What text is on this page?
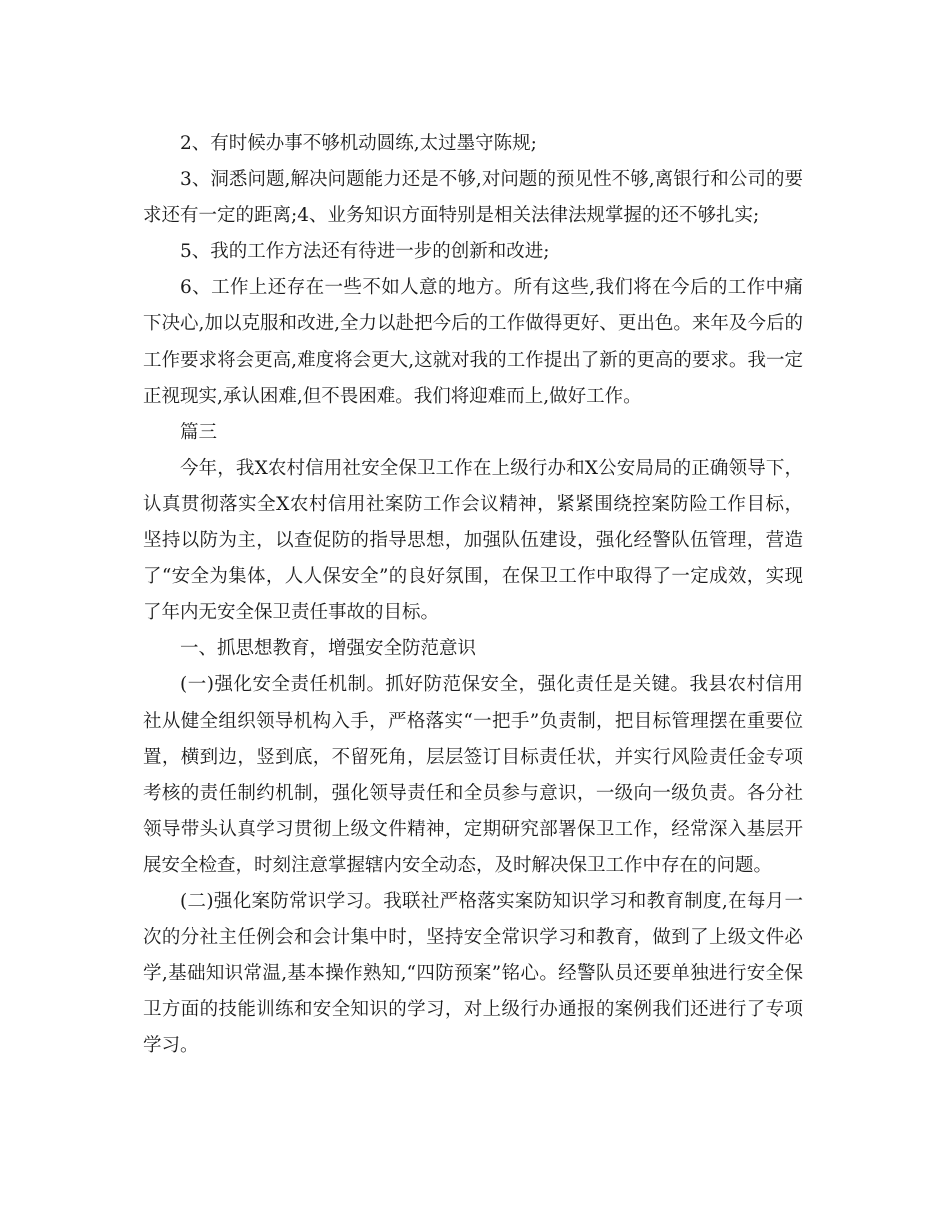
2、有时候办事不够机动圆练,太过墨守陈规;

3、洞悉问题,解决问题能力还是不够,对问题的预见性不够,离银行和公司的要求还有一定的距离;4、业务知识方面特别是相关法律法规掌握的还不够扎实;

5、我的工作方法还有待进一步的创新和改进;

6、工作上还存在一些不如人意的地方。所有这些,我们将在今后的工作中痛下决心,加以克服和改进,全力以赴把今后的工作做得更好、更出色。来年及今后的工作要求将会更高,难度将会更大,这就对我的工作提出了新的更高的要求。我一定正视现实,承认困难,但不畏困难。我们将迎难而上,做好工作。

篇三

今年，我X农村信用社安全保卫工作在上级行办和X公安局局的正确领导下，认真贯彻落实全X农村信用社案防工作会议精神，紧紧围绕控案防险工作目标，坚持以防为主，以查促防的指导思想，加强队伍建设，强化经警队伍管理，营造了“安全为集体，人人保安全”的良好氛围，在保卫工作中取得了一定成效，实现了年内无安全保卫责任事故的目标。

一、抓思想教育，增强安全防范意识

(一)强化安全责任机制。抓好防范保安全，强化责任是关键。我县农村信用社从健全组织领导机构入手，严格落实“一把手”负责制，把目标管理摆在重要位置，横到边，竖到底，不留死角，层层签订目标责任状，并实行风险责任金专项考核的责任制约机制，强化领导责任和全员参与意识，一级向一级负责。各分社领导带头认真学习贯彻上级文件精神，定期研究部署保卫工作，经常深入基层开展安全检查，时刻注意掌握辖内安全动态，及时解决保卫工作中存在的问题。

(二)强化案防常识学习。我联社严格落实案防知识学习和教育制度,在每月一次的分社主任例会和会计集中时，坚持安全常识学习和教育，做到了上级文件必学,基础知识常温,基本操作熟知,“四防预案”铭心。经警队员还要单独进行安全保卫方面的技能训练和安全知识的学习，对上级行办通报的案例我们还进行了专项学习。
